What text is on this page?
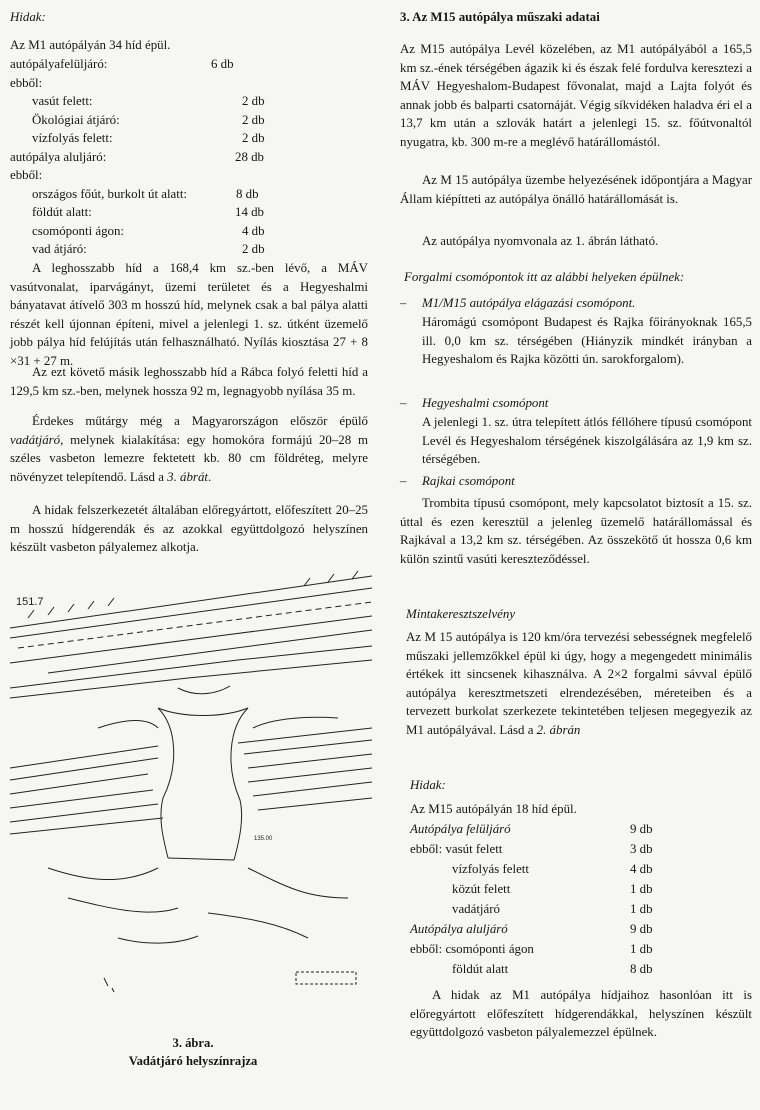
Hidak:
Az M1 autópályán 34 híd épül.
autópályafelüljáró:	6 db
ebből:
vasút felett:	2 db
Ökológiai átjáró:	2 db
vízfolyás felett:	2 db
autópálya aluljáró:	28 db
ebből:
országos főút, burkolt út alatt:	8 db
földút alatt:	14 db
csomóponti ágon:	4 db
vad átjáró:	2 db
A leghosszabb híd a 168,4 km sz.-ben lévő, a MÁV vasútvonalat, iparvágányt, üzemi területet és a Hegyeshalmi bányatavat átívelő 303 m hosszú híd, melynek csak a bal pálya alatti részét kell újonnan építeni, mivel a jelenlegi 1. sz. útként üzemelő jobb pálya híd felújítás után felhasználható. Nyílás kiosztása 27 + 8 ×31 + 27 m.
Az ezt követő másik leghosszabb híd a Rábca folyó feletti híd a 129,5 km sz.-ben, melynek hossza 92 m, legnagyobb nyílása 35 m.
Érdekes műtárgy még a Magyarországon először épülő vadátjáró, melynek kialakítása: egy homokóra formájú 20–28 m széles vasbeton lemezre fektetett kb. 80 cm földréteg, melyre növényzet telepítendő. Lásd a 3. ábrát.
A hidak felszerkezetét általában előregyártott, előfeszített 20–25 m hosszú hídgerendák és az azokkal együttdolgozó helyszínen készült vasbeton pályalemez alkotja.
151.7
135.00
3. ábra.
Vadátjáró helyszínrajza
3. Az M15 autópálya műszaki adatai
Az M15 autópálya Levél közelében, az M1 autópályából a 165,5 km sz.-ének térségében ágazik ki és észak felé fordulva keresztezi a MÁV Hegyeshalom-Budapest fővonalat, majd a Lajta folyót és annak jobb és balparti csatornáját. Végig síkvidéken haladva éri el a 13,7 km után a szlovák határt a jelenlegi 15. sz. főútvonaltól nyugatra, kb. 300 m-re a meglévő határállomástól.
Az M 15 autópálya üzembe helyezésének időpontjára a Magyar Állam kiépítteti az autópálya önálló határállomását is.
Az autópálya nyomvonala az 1. ábrán látható.
Forgalmi csomópontok itt az alábbi helyeken épülnek:
– M1/M15 autópálya elágazási csomópont.
Háromágú csomópont Budapest és Rajka főirányoknak 165,5 ill. 0,0 km sz. térségében (Hiányzik mindkét irányban a Hegyeshalom és Rajka közötti ún. sarokforgalom).
– Hegyeshalmi csomópont
A jelenlegi 1. sz. útra telepített átlós féllóhere típusú csomópont Levél és Hegyeshalom térségének kiszolgálására az 1,9 km sz. térségében.
– Rajkai csomópont
Trombita típusú csomópont, mely kapcsolatot biztosít a 15. sz. úttal és ezen keresztül a jelenleg üzemelő határállomással és Rajkával a 13,2 km sz. térségében. Az összekötő út hossza 0,6 km külön szintű vasúti kereszteződéssel.
Mintakeresztszelvény
Az M 15 autópálya is 120 km/óra tervezési sebességnek megfelelő műszaki jellemzőkkel épül ki úgy, hogy a megengedett minimális értékek itt sincsenek kihasználva. A 2×2 forgalmi sávval épülő autópálya keresztmetszeti elrendezésében, méreteiben és a tervezett burkolat szerkezete tekintetében teljesen megegyezik az M1 autópályával. Lásd a 2. ábrán
Hidak:
Az M15 autópályán 18 híd épül.
Autópálya felüljáró	9 db
ebből: vasút felett	3 db
vízfolyás felett	4 db
közút felett	1 db
vadátjáró	1 db
Autópálya aluljáró	9 db
ebből: csomóponti ágon	1 db
földút alatt	8 db
A hidak az M1 autópálya hídjaihoz hasonlóan itt is előregyártott előfeszített hídgerendákkal, helyszínen készült együttdolgozó vasbeton pályalemezzel épülnek.
